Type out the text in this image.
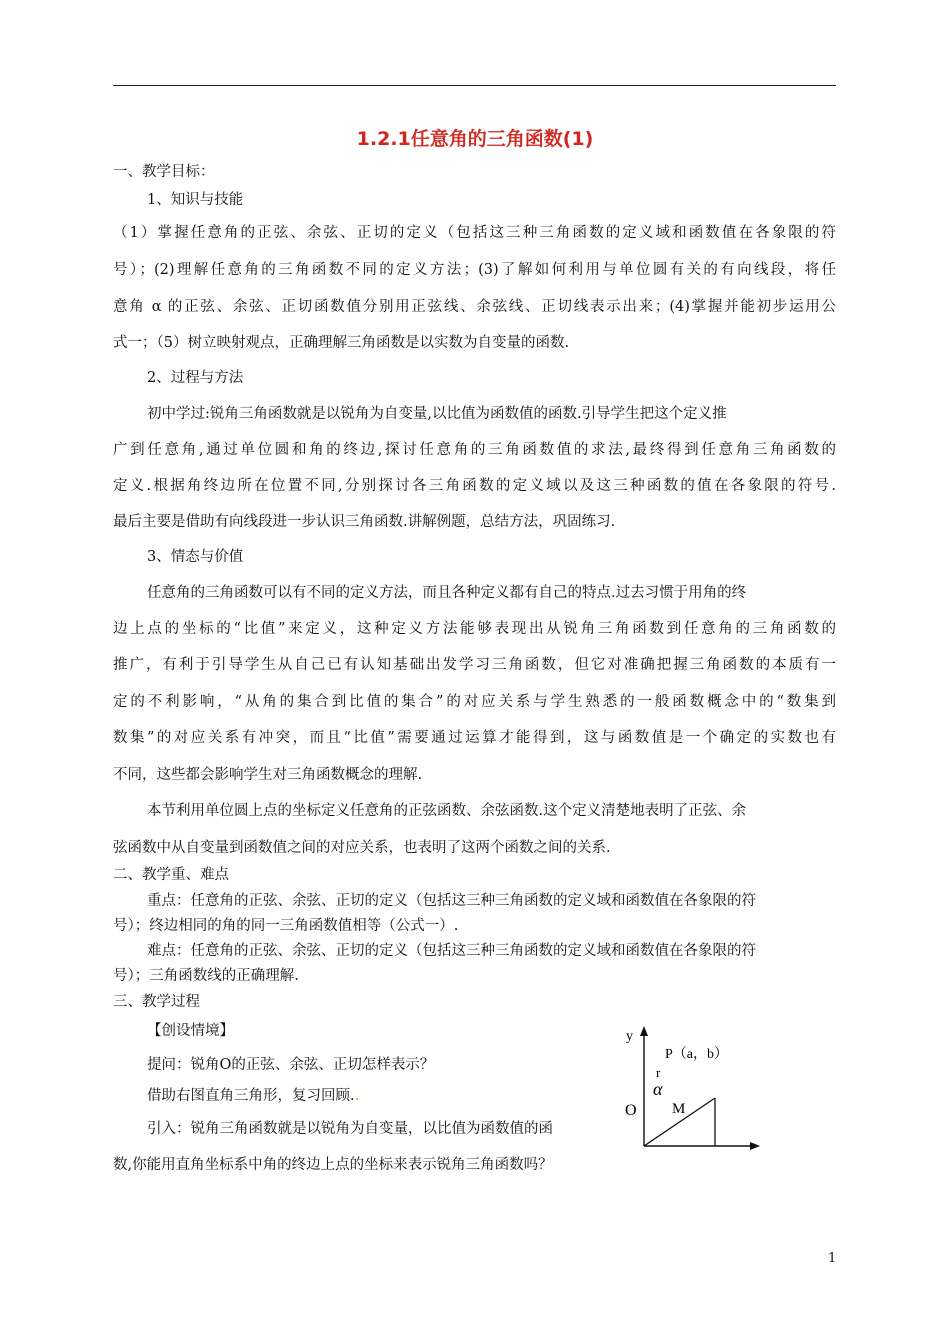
1.2.1任意角的三角函数(1)
一、教学目标：
1、知识与技能
（1）掌握任意角的正弦、余弦、正切的定义（包括这三种三角函数的定义域和函数值在各象限的符
号）；(2)理解任意角的三角函数不同的定义方法；(3)了解如何利用与单位圆有关的有向线段，将任
意角 α 的正弦、余弦、正切函数值分别用正弦线、余弦线、正切线表示出来；(4)掌握并能初步运用公
式一；（5）树立映射观点，正确理解三角函数是以实数为自变量的函数.
2、过程与方法
初中学过:锐角三角函数就是以锐角为自变量,以比值为函数值的函数.引导学生把这个定义推
广到任意角,通过单位圆和角的终边,探讨任意角的三角函数值的求法,最终得到任意角三角函数的
定义.根据角终边所在位置不同,分别探讨各三角函数的定义域以及这三种函数的值在各象限的符号.
最后主要是借助有向线段进一步认识三角函数.讲解例题，总结方法，巩固练习.
3、情态与价值
任意角的三角函数可以有不同的定义方法，而且各种定义都有自己的特点.过去习惯于用角的终
边上点的坐标的“比值”来定义，这种定义方法能够表现出从锐角三角函数到任意角的三角函数的
推广，有利于引导学生从自己已有认知基础出发学习三角函数，但它对准确把握三角函数的本质有一
定的不利影响，“从角的集合到比值的集合”的对应关系与学生熟悉的一般函数概念中的“数集到
数集”的对应关系有冲突，而且“比值”需要通过运算才能得到，这与函数值是一个确定的实数也有
不同，这些都会影响学生对三角函数概念的理解.
本节利用单位圆上点的坐标定义任意角的正弦函数、余弦函数.这个定义清楚地表明了正弦、余
弦函数中从自变量到函数值之间的对应关系，也表明了这两个函数之间的关系.
二、教学重、难点
重点：任意角的正弦、余弦、正切的定义（包括这三种三角函数的定义域和函数值在各象限的符
号）；终边相同的角的同一三角函数值相等（公式一）.
难点：任意角的正弦、余弦、正切的定义（包括这三种三角函数的定义域和函数值在各象限的符
号）；三角函数线的正确理解.
三、教学过程
【创设情境】
提问：锐角O的正弦、余弦、正切怎样表示？
借助右图直角三角形，复习回顾..
引入：锐角三角函数就是以锐角为自变量，以比值为函数值的函
数,你能用直角坐标系中角的终边上点的坐标来表示锐角三角函数吗？
y
P（a，b）
r
α
O M
1
